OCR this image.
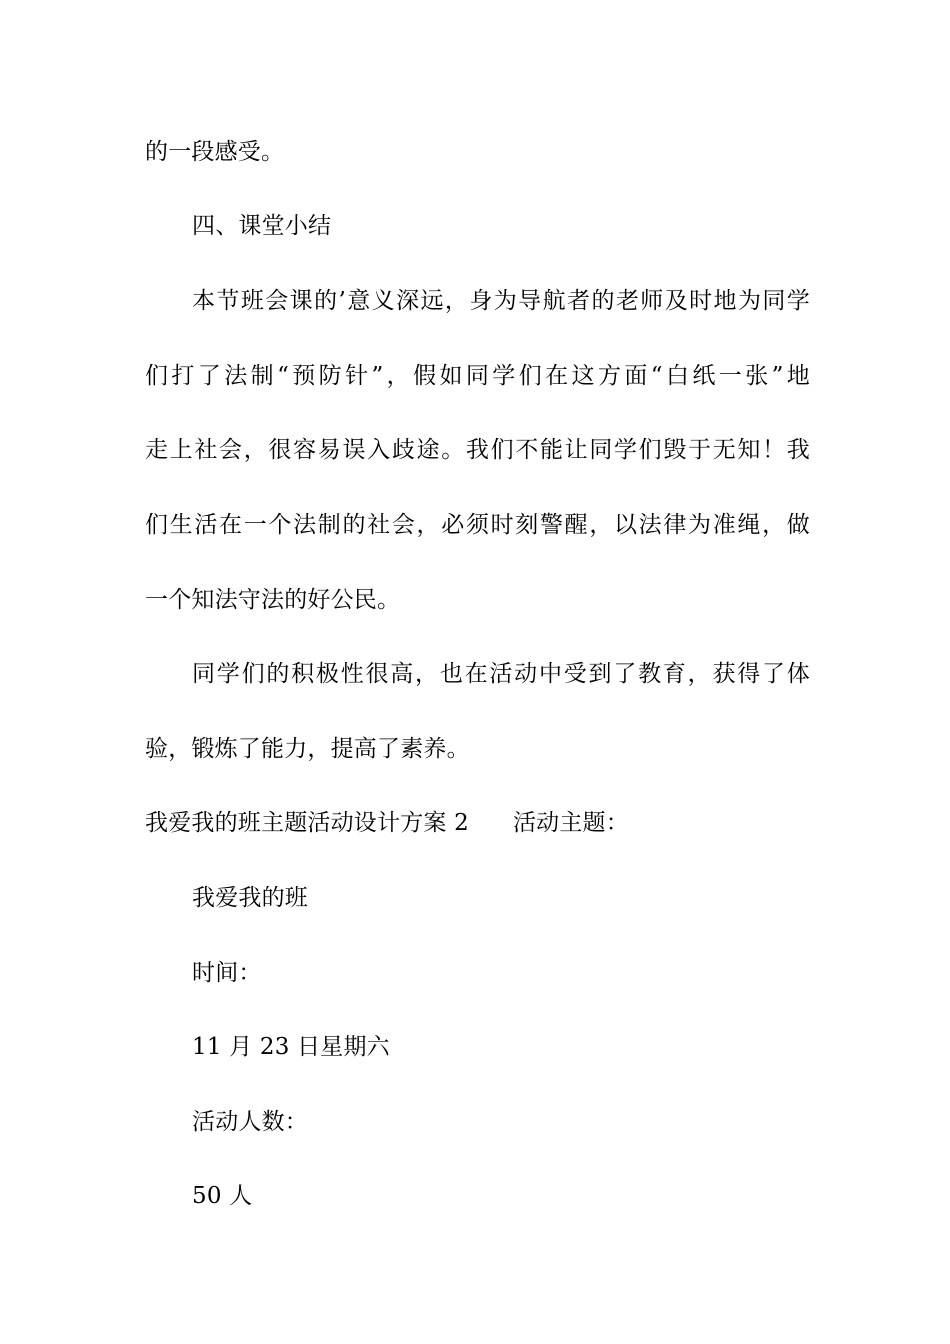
的一段感受。
四、课堂小结
本节班会课的’意义深远，身为导航者的老师及时地为同学
们打了法制“预防针”，假如同学们在这方面“白纸一张”地
走上社会，很容易误入歧途。我们不能让同学们毁于无知！我
们生活在一个法制的社会，必须时刻警醒，以法律为准绳，做
一个知法守法的好公民。
同学们的积极性很高，也在活动中受到了教育，获得了体
验，锻炼了能力，提高了素养。
我爱我的班主题活动设计方案 2 活动主题：
我爱我的班
时间：
11 月 23 日星期六
活动人数：
50 人
